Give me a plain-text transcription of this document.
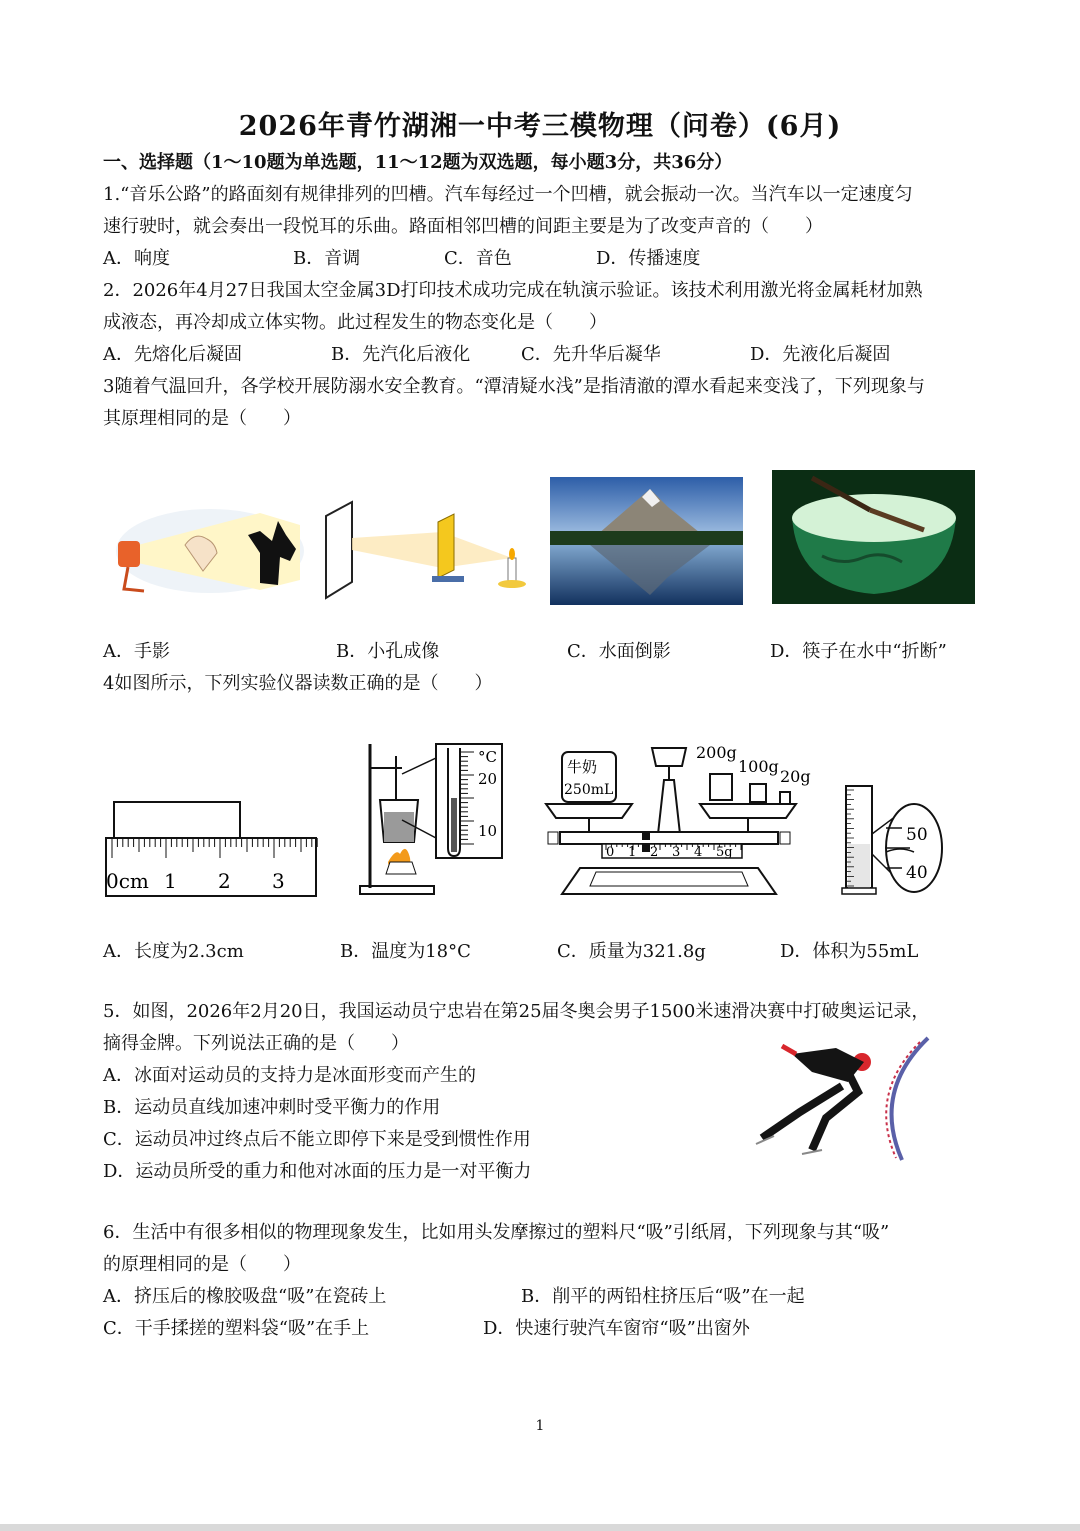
2026年青竹湖湘一中考三模物理（问卷）(6月)
一、选择题（1～10题为单选题，11～12题为双选题，每小题3分，共36分）
1.“音乐公路”的路面刻有规律排列的凹槽。汽车每经过一个凹槽，就会振动一次。当汽车以一定速度匀
速行驶时，就会奏出一段悦耳的乐曲。路面相邻凹槽的间距主要是为了改变声音的（　　）
A．响度	B．音调	C．音色	D．传播速度
2．2026年4月27日我国太空金属3D打印技术成功完成在轨演示验证。该技术利用激光将金属耗材加熟
成液态，再冷却成立体实物。此过程发生的物态变化是（　　）
A．先熔化后凝固	B．先汽化后液化	C．先升华后凝华	D．先液化后凝固
3随着气温回升，各学校开展防溺水安全教育。“潭清疑水浅”是指清澈的潭水看起来变浅了，下列现象与
其原理相同的是（　　）
A．手影	B．小孔成像	C．水面倒影	D．筷子在水中“折断”
4如图所示，下列实验仪器读数正确的是（　　）
0cm 1 2 3
°C
20
10
牛奶
250mL
200g
100g
20g
0 1 2 3 4 5g
50
40
A．长度为2.3cm	B．温度为18°C	C．质量为321.8g	D．体积为55mL
5．如图，2026年2月20日，我国运动员宁忠岩在第25届冬奥会男子1500米速滑决赛中打破奥运记录，
摘得金牌。下列说法正确的是（　　）
A．冰面对运动员的支持力是冰面形变而产生的
B．运动员直线加速冲刺时受平衡力的作用
C．运动员冲过终点后不能立即停下来是受到惯性作用
D．运动员所受的重力和他对冰面的压力是一对平衡力
6．生活中有很多相似的物理现象发生，比如用头发摩擦过的塑料尺“吸”引纸屑，下列现象与其“吸”
的原理相同的是（　　）
A．挤压后的橡胶吸盘“吸”在瓷砖上	B．削平的两铅柱挤压后“吸”在一起
C．干手揉搓的塑料袋“吸”在手上	D．快速行驶汽车窗帘“吸”出窗外
1
